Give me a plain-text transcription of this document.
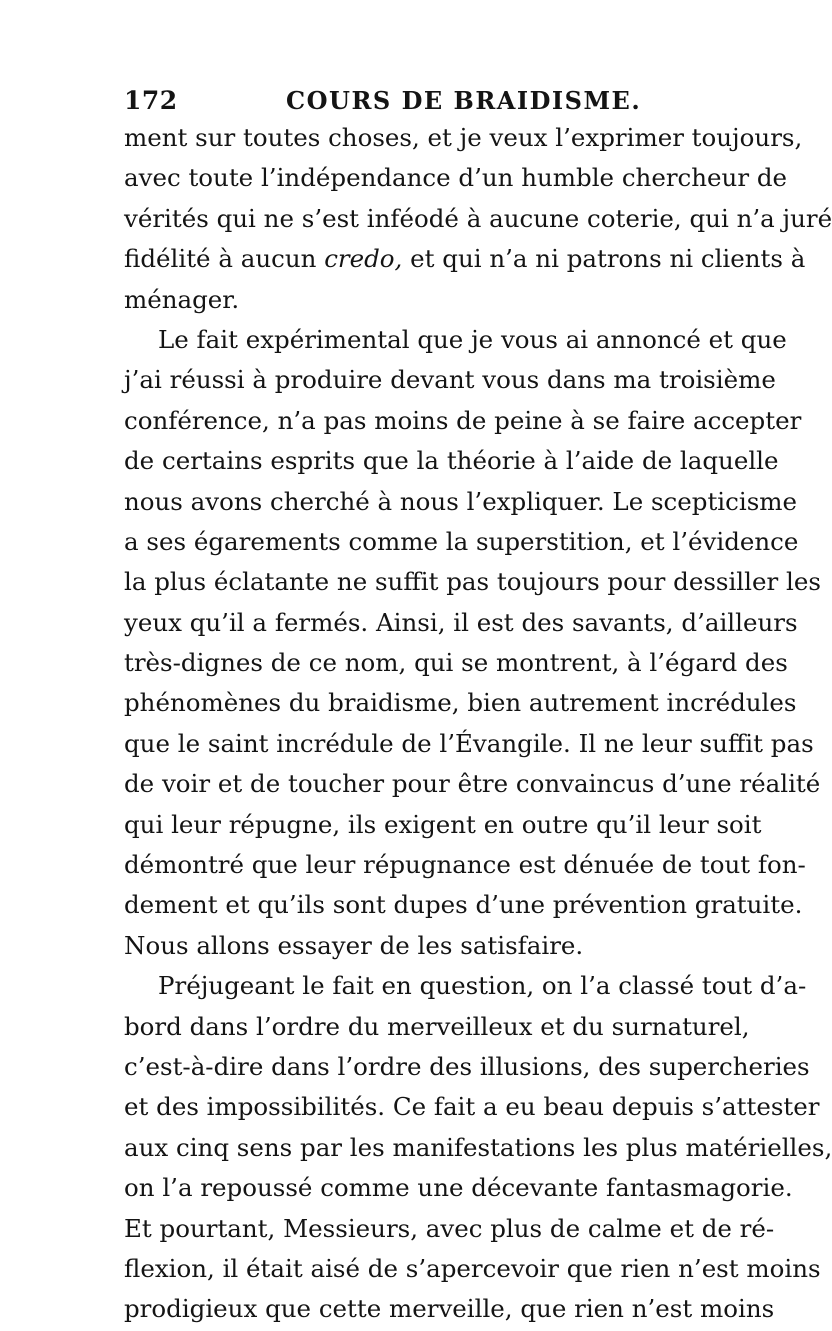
172	COURS DE BRAIDISME.
ment sur toutes choses, et je veux l’exprimer toujours,
avec toute l’indépendance d’un humble chercheur de
vérités qui ne s’est inféodé à aucune coterie, qui n’a juré
fidélité à aucun credo, et qui n’a ni patrons ni clients à
ménager.
Le fait expérimental que je vous ai annoncé et que
j’ai réussi à produire devant vous dans ma troisième
conférence, n’a pas moins de peine à se faire accepter
de certains esprits que la théorie à l’aide de laquelle
nous avons cherché à nous l’expliquer. Le scepticisme
a ses égarements comme la superstition, et l’évidence
la plus éclatante ne suffit pas toujours pour dessiller les
yeux qu’il a fermés. Ainsi, il est des savants, d’ailleurs
très-dignes de ce nom, qui se montrent, à l’égard des
phénomènes du braidisme, bien autrement incrédules
que le saint incrédule de l’Évangile. Il ne leur suffit pas
de voir et de toucher pour être convaincus d’une réalité
qui leur répugne, ils exigent en outre qu’il leur soit
démontré que leur répugnance est dénuée de tout fon-
dement et qu’ils sont dupes d’une prévention gratuite.
Nous allons essayer de les satisfaire.
Préjugeant le fait en question, on l’a classé tout d’a-
bord dans l’ordre du merveilleux et du surnaturel,
c’est-à-dire dans l’ordre des illusions, des supercheries
et des impossibilités. Ce fait a eu beau depuis s’attester
aux cinq sens par les manifestations les plus matérielles,
on l’a repoussé comme une décevante fantasmagorie.
Et pourtant, Messieurs, avec plus de calme et de ré-
flexion, il était aisé de s’apercevoir que rien n’est moins
prodigieux que cette merveille, que rien n’est moins
